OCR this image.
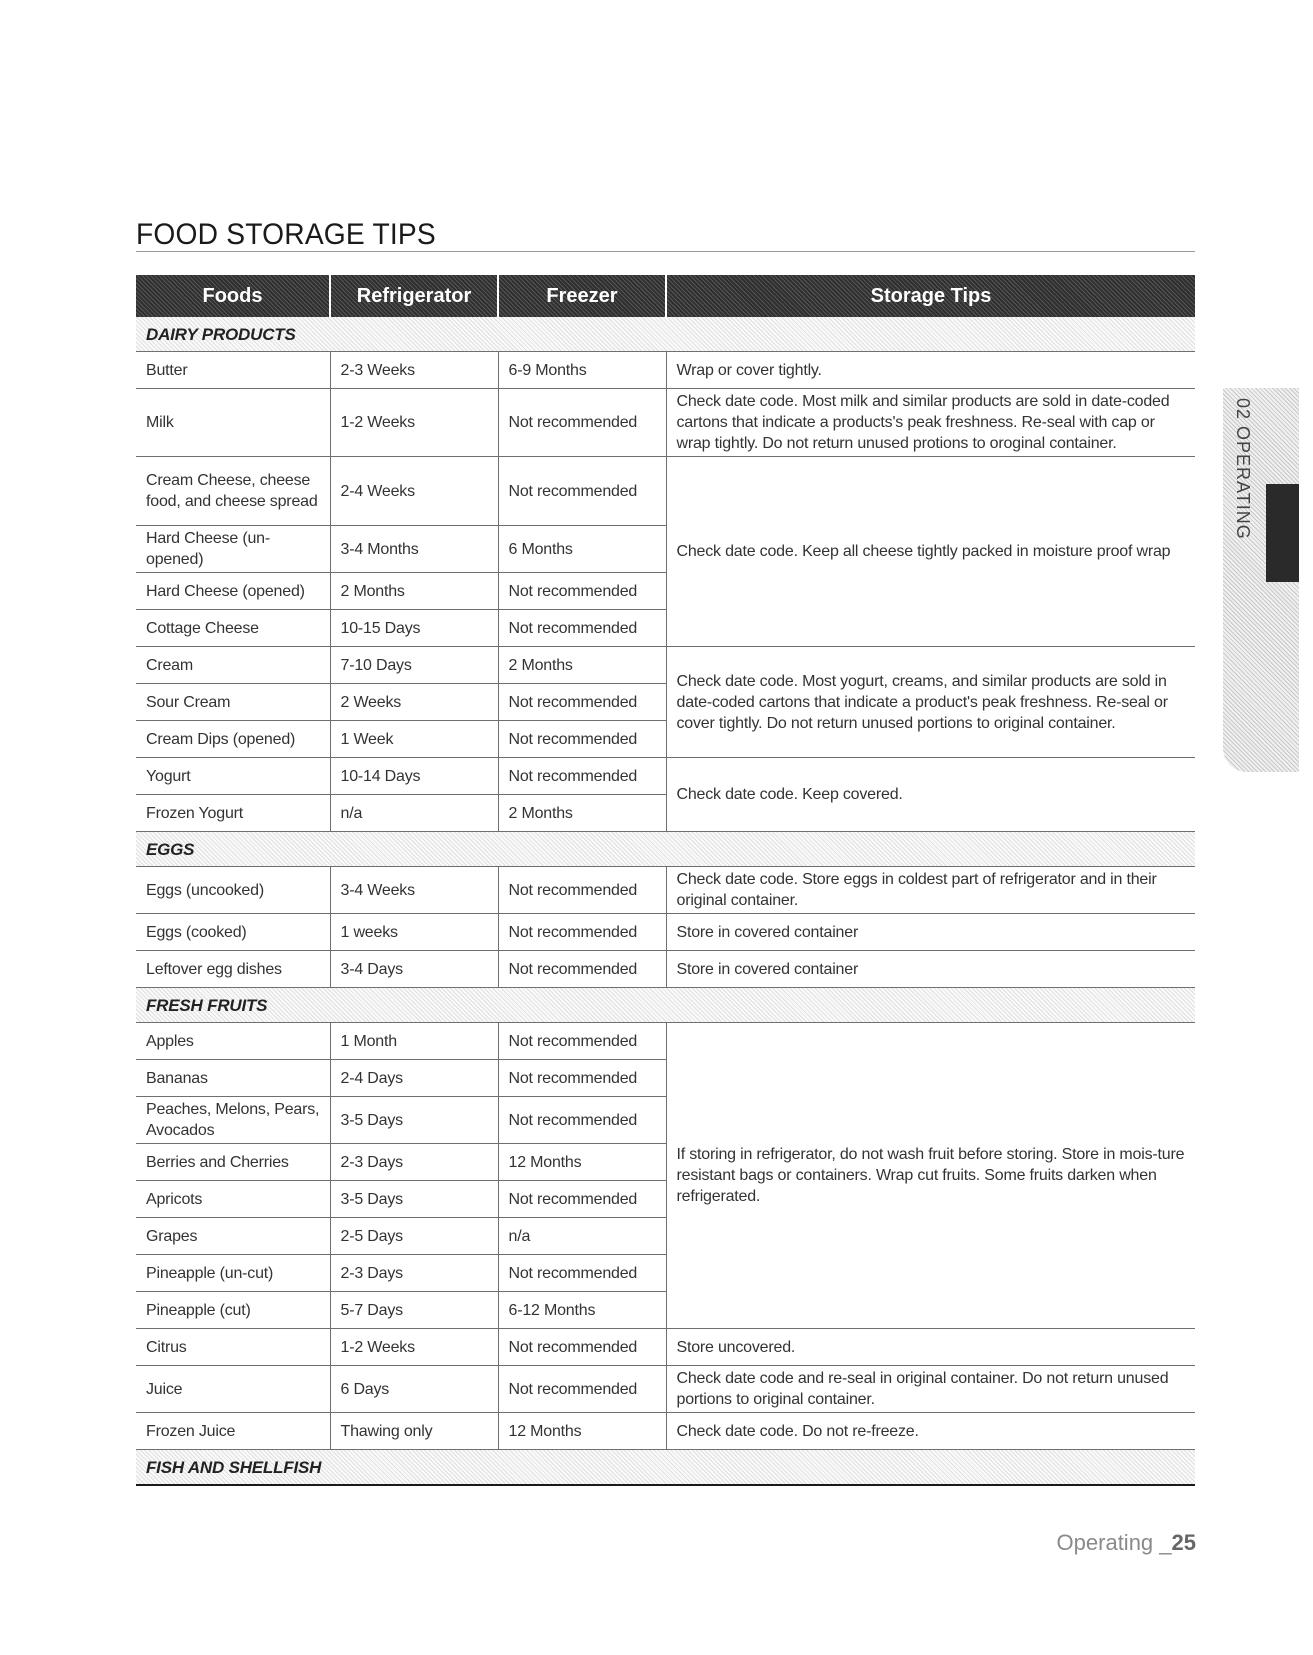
FOOD STORAGE TIPS
Foods	Refrigerator	Freezer	Storage Tips
DAIRY PRODUCTS			
Butter	2-3 Weeks	6-9 Months	Wrap or cover tightly.
Milk	1-2 Weeks	Not recommended	Check date code. Most milk and similar products are sold in date-coded cartons that indicate a products's peak freshness. Re-seal with cap or wrap tightly. Do not return unused protions to oroginal container.
Cream Cheese, cheese food, and cheese spread	2-4 Weeks	Not recommended	Check date code. Keep all cheese tightly packed in moisture proof wrap
Hard Cheese (un-opened)	3-4 Months	6 Months	
Hard Cheese (opened)	2 Months	Not recommended	
Cottage Cheese	10-15 Days	Not recommended	
Cream	7-10 Days	2 Months	Check date code. Most yogurt, creams, and similar products are sold in date-coded cartons that indicate a product's peak freshness. Re-seal or cover tightly. Do not return unused portions to original container.
Sour Cream	2 Weeks	Not recommended	
Cream Dips (opened)	1 Week	Not recommended	
Yogurt	10-14 Days	Not recommended	Check date code. Keep covered.
Frozen Yogurt	n/a	2 Months	
EGGS			
Eggs (uncooked)	3-4 Weeks	Not recommended	Check date code. Store eggs in coldest part of refrigerator and in their original container.
Eggs (cooked)	1 weeks	Not recommended	Store in covered container
Leftover egg dishes	3-4 Days	Not recommended	Store in covered container
FRESH FRUITS			
Apples	1 Month	Not recommended	If storing in refrigerator, do not wash fruit before storing. Store in mois-ture resistant bags or containers. Wrap cut fruits. Some fruits darken when refrigerated.
Bananas	2-4 Days	Not recommended	
Peaches, Melons, Pears, Avocados	3-5 Days	Not recommended	
Berries and Cherries	2-3 Days	12 Months	
Apricots	3-5 Days	Not recommended	
Grapes	2-5 Days	n/a	
Pineapple (un-cut)	2-3 Days	Not recommended	
Pineapple (cut)	5-7 Days	6-12 Months	
Citrus	1-2 Weeks	Not recommended	Store uncovered.
Juice	6 Days	Not recommended	Check date code and re-seal in original container. Do not return unused portions to original container.
Frozen Juice	Thawing only	12 Months	Check date code. Do not re-freeze.
FISH AND SHELLFISH			
02 OPERATING
Operating _25
